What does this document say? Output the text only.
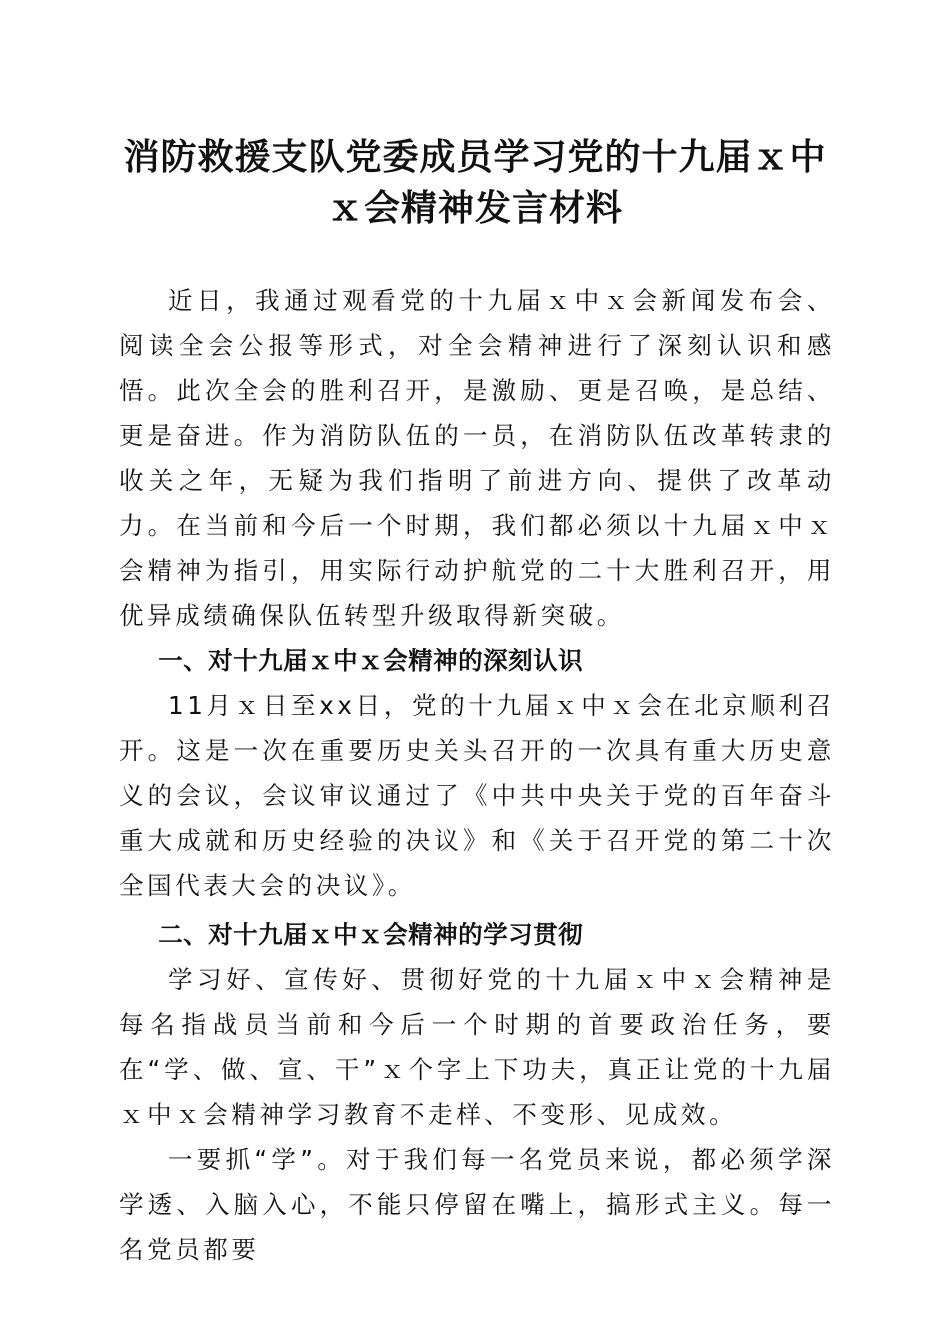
消防救援支队党委成员学习党的十九届ｘ中ｘ会精神发言材料

近日，我通过观看党的十九届ｘ中ｘ会新闻发布会、阅读全会公报等形式，对全会精神进行了深刻认识和感悟。此次全会的胜利召开，是激励、更是召唤，是总结、更是奋进。作为消防队伍的一员，在消防队伍改革转隶的收关之年，无疑为我们指明了前进方向、提供了改革动力。在当前和今后一个时期，我们都必须以十九届ｘ中ｘ会精神为指引，用实际行动护航党的二十大胜利召开，用优异成绩确保队伍转型升级取得新突破。

一、对十九届ｘ中ｘ会精神的深刻认识

11月ｘ日至xx日，党的十九届ｘ中ｘ会在北京顺利召开。这是一次在重要历史关头召开的一次具有重大历史意义的会议，会议审议通过了《中共中央关于党的百年奋斗重大成就和历史经验的决议》和《关于召开党的第二十次全国代表大会的决议》。

二、对十九届ｘ中ｘ会精神的学习贯彻

学习好、宣传好、贯彻好党的十九届ｘ中ｘ会精神是每名指战员当前和今后一个时期的首要政治任务，要在“学、做、宣、干”ｘ个字上下功夫，真正让党的十九届ｘ中ｘ会精神学习教育不走样、不变形、见成效。

一要抓“学”。对于我们每一名党员来说，都必须学深学透、入脑入心，不能只停留在嘴上，搞形式主义。每一名党员都要
